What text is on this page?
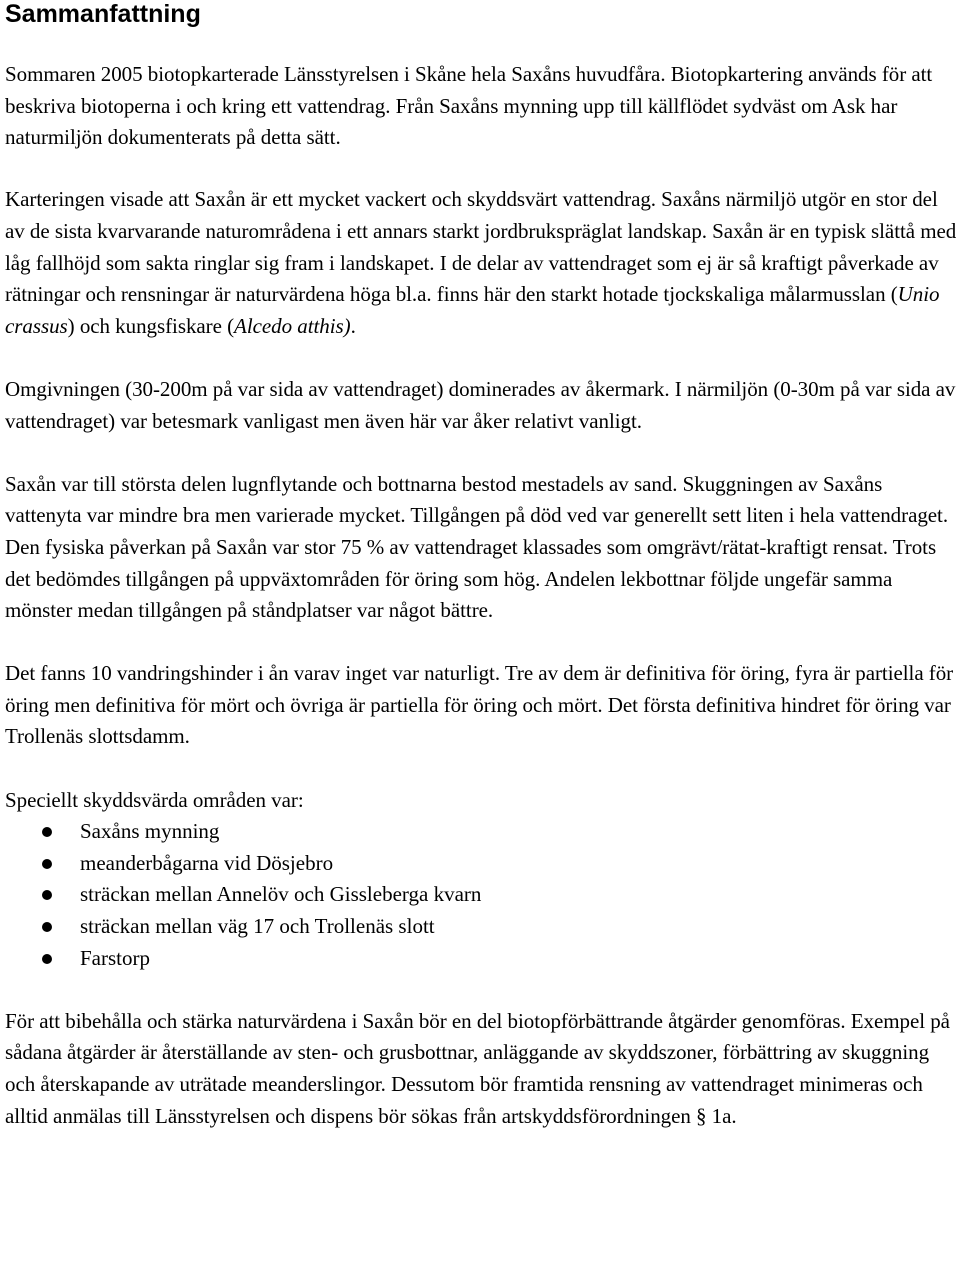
Sammanfattning

Sommaren 2005 biotopkarterade Länsstyrelsen i Skåne hela Saxåns huvudfåra. Biotopkartering används för att beskriva biotoperna i och kring ett vattendrag. Från Saxåns mynning upp till källflödet sydväst om Ask har naturmiljön dokumenterats på detta sätt.

Karteringen visade att Saxån är ett mycket vackert och skyddsvärt vattendrag. Saxåns närmiljö utgör en stor del av de sista kvarvarande naturområdena i ett annars starkt jordbrukspräglat landskap. Saxån är en typisk slättå med låg fallhöjd som sakta ringlar sig fram i landskapet. I de delar av vattendraget som ej är så kraftigt påverkade av rätningar och rensningar är naturvärdena höga bl.a. finns här den starkt hotade tjockskaliga målarmusslan (Unio crassus) och kungsfiskare (Alcedo atthis).

Omgivningen (30-200m på var sida av vattendraget) dominerades av åkermark. I närmiljön (0-30m på var sida av vattendraget) var betesmark vanligast men även här var åker relativt vanligt.

Saxån var till största delen lugnflytande och bottnarna bestod mestadels av sand. Skuggningen av Saxåns vattenyta var mindre bra men varierade mycket. Tillgången på död ved var generellt sett liten i hela vattendraget. Den fysiska påverkan på Saxån var stor 75 % av vattendraget klassades som omgrävt/rätat-kraftigt rensat. Trots det bedömdes tillgången på uppväxtområden för öring som hög. Andelen lekbottnar följde ungefär samma mönster medan tillgången på ståndplatser var något bättre.

Det fanns 10 vandringshinder i ån varav inget var naturligt. Tre av dem är definitiva för öring, fyra är partiella för öring men definitiva för mört och övriga är partiella för öring och mört. Det första definitiva hindret för öring var Trollenäs slottsdamm.

Speciellt skyddsvärda områden var:

Saxåns mynning
meanderbågarna vid Dösjebro
sträckan mellan Annelöv och Gissleberga kvarn
sträckan mellan väg 17 och Trollenäs slott
Farstorp

För att bibehålla och stärka naturvärdena i Saxån bör en del biotopförbättrande åtgärder genomföras. Exempel på sådana åtgärder är återställande av sten- och grusbottnar, anläggande av skyddszoner, förbättring av skuggning och återskapande av uträtade meanderslingor. Dessutom bör framtida rensning av vattendraget minimeras och alltid anmälas till Länsstyrelsen och dispens bör sökas från artskyddsförordningen § 1a.
